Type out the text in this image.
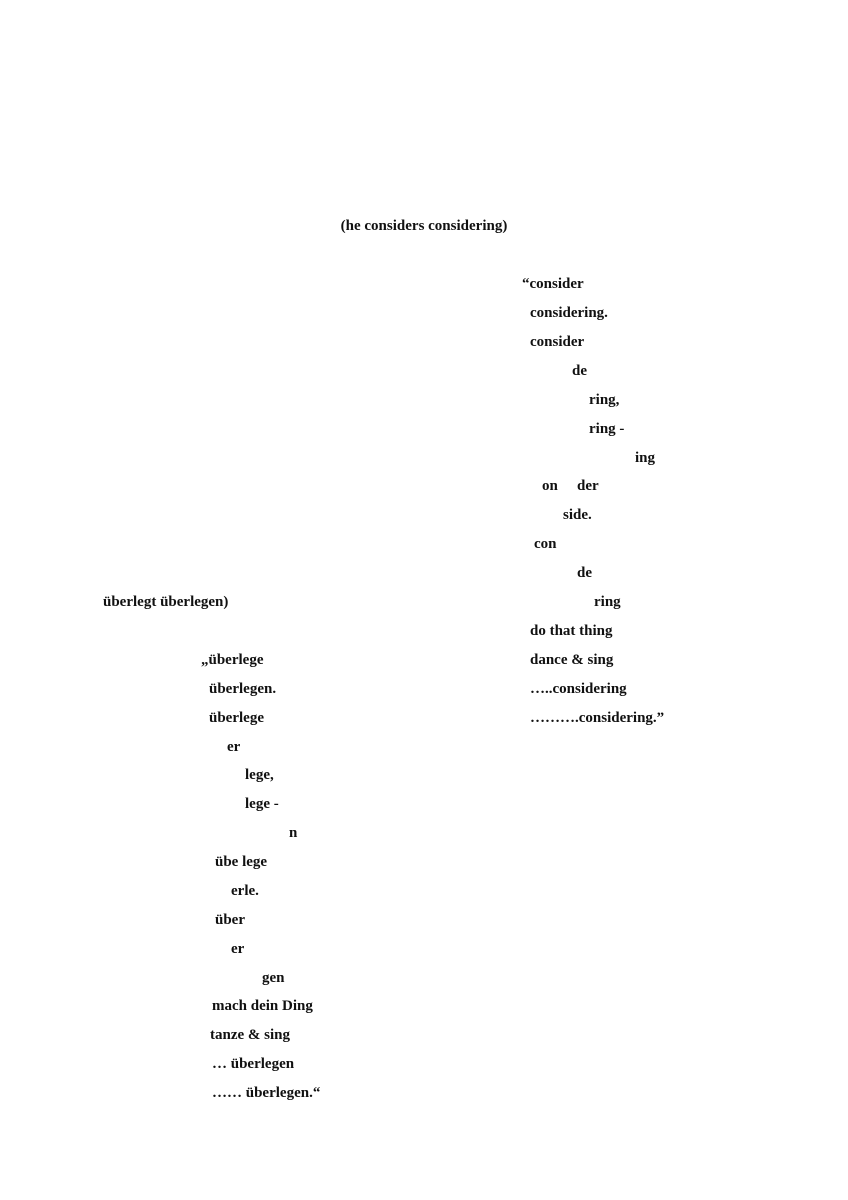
(he considers considering)
“consider
considering.
consider
de
ring,
ring -
ing
on der
side.
con
de
ring
do that thing
dance & sing
…..considering
……….considering.”
überlegt überlegen)
„überlege
überlegen.
überlege
er
lege,
lege -
n
übe lege
erle.
über
er
gen
mach dein Ding
tanze & sing
… überlegen
…… überlegen.“
